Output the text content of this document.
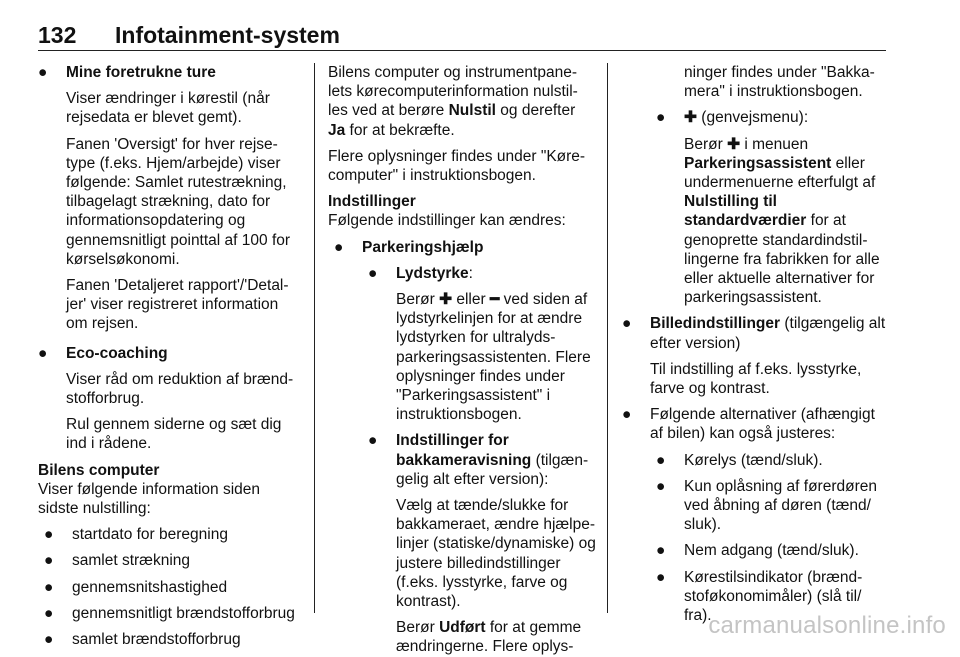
132 Infotainment-system
● Mine foretrukne ture
Viser ændringer i kørestil (når
rejsedata er blevet gemt).
Fanen 'Oversigt' for hver rejse-
type (f.eks. Hjem/arbejde) viser
følgende: Samlet rutestrækning,
tilbagelagt strækning, dato for
informationsopdatering og
gennemsnitligt pointtal af 100 for
kørselsøkonomi.
Fanen 'Detaljeret rapport'/'Detal-
jer' viser registreret information
om rejsen.
● Eco-coaching
Viser råd om reduktion af brænd-
stofforbrug.
Rul gennem siderne og sæt dig
ind i rådene.
Bilens computer
Viser følgende information siden
sidste nulstilling:
● startdato for beregning
● samlet strækning
● gennemsnitshastighed
● gennemsnitligt brændstofforbrug
● samlet brændstofforbrug
Bilens computer og instrumentpane-
lets kørecomputerinformation nulstil-
les ved at berøre Nulstil og derefter
Ja for at bekræfte.
Flere oplysninger findes under "Køre-
computer" i instruktionsbogen.
Indstillinger
Følgende indstillinger kan ændres:
● Parkeringshjælp
● Lydstyrke:
Berør ✚ eller ━ ved siden af
lydstyrkelinjen for at ændre
lydstyrken for ultralyds-
parkeringsassistenten. Flere
oplysninger findes under
"Parkeringsassistent" i
instruktionsbogen.
● Indstillinger for
bakkameravisning (tilgæn-
gelig alt efter version):
Vælg at tænde/slukke for
bakkameraet, ændre hjælpe-
linjer (statiske/dynamiske) og
justere billedindstillinger
(f.eks. lysstyrke, farve og
kontrast).
Berør Udført for at gemme
ændringerne. Flere oplys-
ninger findes under "Bakka-
mera" i instruktionsbogen.
● ✚ (genvejsmenu):
Berør ✚ i menuen
Parkeringsassistent eller
undermenuerne efterfulgt af
Nulstilling til
standardværdier for at
genoprette standardindstil-
lingerne fra fabrikken for alle
eller aktuelle alternativer for
parkeringsassistent.
● Billedindstillinger (tilgængelig alt
efter version)
Til indstilling af f.eks. lysstyrke,
farve og kontrast.
● Følgende alternativer (afhængigt
af bilen) kan også justeres:
● Kørelys (tænd/sluk).
● Kun oplåsning af førerdøren
ved åbning af døren (tænd/
sluk).
● Nem adgang (tænd/sluk).
● Kørestilsindikator (brænd-
stoføkonomimåler) (slå til/
fra).
carmanualsonline.info
